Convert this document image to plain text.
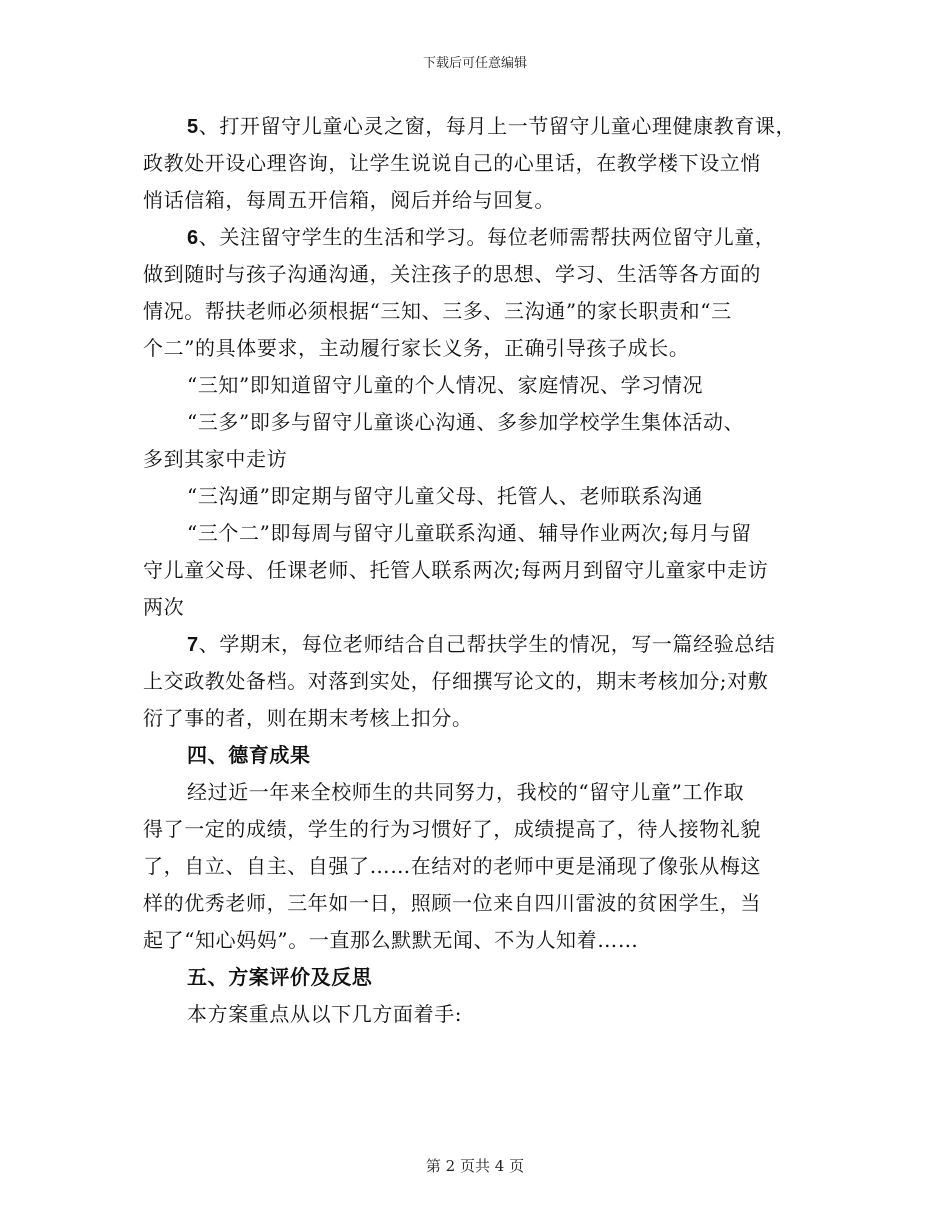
下载后可任意编辑
5、打开留守儿童心灵之窗，每月上一节留守儿童心理健康教育课，
政教处开设心理咨询，让学生说说自己的心里话，在教学楼下设立悄
悄话信箱，每周五开信箱，阅后并给与回复。
6、关注留守学生的生活和学习。每位老师需帮扶两位留守儿童，
做到随时与孩子沟通沟通，关注孩子的思想、学习、生活等各方面的
情况。帮扶老师必须根据“三知、三多、三沟通”的家长职责和“三
个二”的具体要求，主动履行家长义务，正确引导孩子成长。
“三知”即知道留守儿童的个人情况、家庭情况、学习情况
“三多”即多与留守儿童谈心沟通、多参加学校学生集体活动、
多到其家中走访
“三沟通”即定期与留守儿童父母、托管人、老师联系沟通
“三个二”即每周与留守儿童联系沟通、辅导作业两次;每月与留
守儿童父母、任课老师、托管人联系两次;每两月到留守儿童家中走访
两次
7、学期末，每位老师结合自己帮扶学生的情况，写一篇经验总结
上交政教处备档。对落到实处，仔细撰写论文的，期末考核加分;对敷
衍了事的者，则在期末考核上扣分。
四、德育成果
经过近一年来全校师生的共同努力，我校的“留守儿童”工作取
得了一定的成绩，学生的行为习惯好了，成绩提高了，待人接物礼貌
了，自立、自主、自强了……在结对的老师中更是涌现了像张从梅这
样的优秀老师，三年如一日，照顾一位来自四川雷波的贫困学生，当
起了“知心妈妈”。一直那么默默无闻、不为人知着……
五、方案评价及反思
本方案重点从以下几方面着手:
第 2 页共 4 页
